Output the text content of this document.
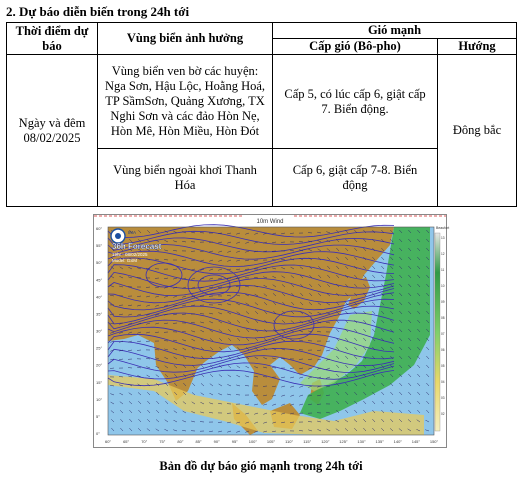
2. Dự báo diễn biến trong 24h tới
Thời điểm dự báo	Vùng biển ảnh hưởng	Gió mạnh	
		Cấp gió (Bô-pho)	Hướng
Ngày và đêm 08/02/2025	Vùng biển ven bờ các huyện: Nga Sơn, Hậu Lộc, Hoằng Hoá, TP SầmSơn, Quảng Xương, TX Nghi Sơn và các đảo Hòn Nẹ, Hòn Mê, Hòn Miều, Hòn Đót	Cấp 5, có lúc cấp 6, giật cấp 7. Biển động.	Đông bắc
	Vùng biển ngoài khơi Thanh Hóa	Cấp 6, giật cấp 7-8. Biển động	
10m Wind
IMA
36h Forecast
19hr - 08/02/2025
Model: GSM
Beaufort
13
12
11
10
09
08
07
06
05
04
03
02
60°
55°
50°
45°
40°
35°
30°
25°
20°
15°
10°
5°
0°
60°	65°	70°	75°	80°	85°	90°	95°	100° 105° 110°	115° 120° 125° 130° 135° 140° 145° 150°
Bản đồ dự báo gió mạnh trong 24h tới
